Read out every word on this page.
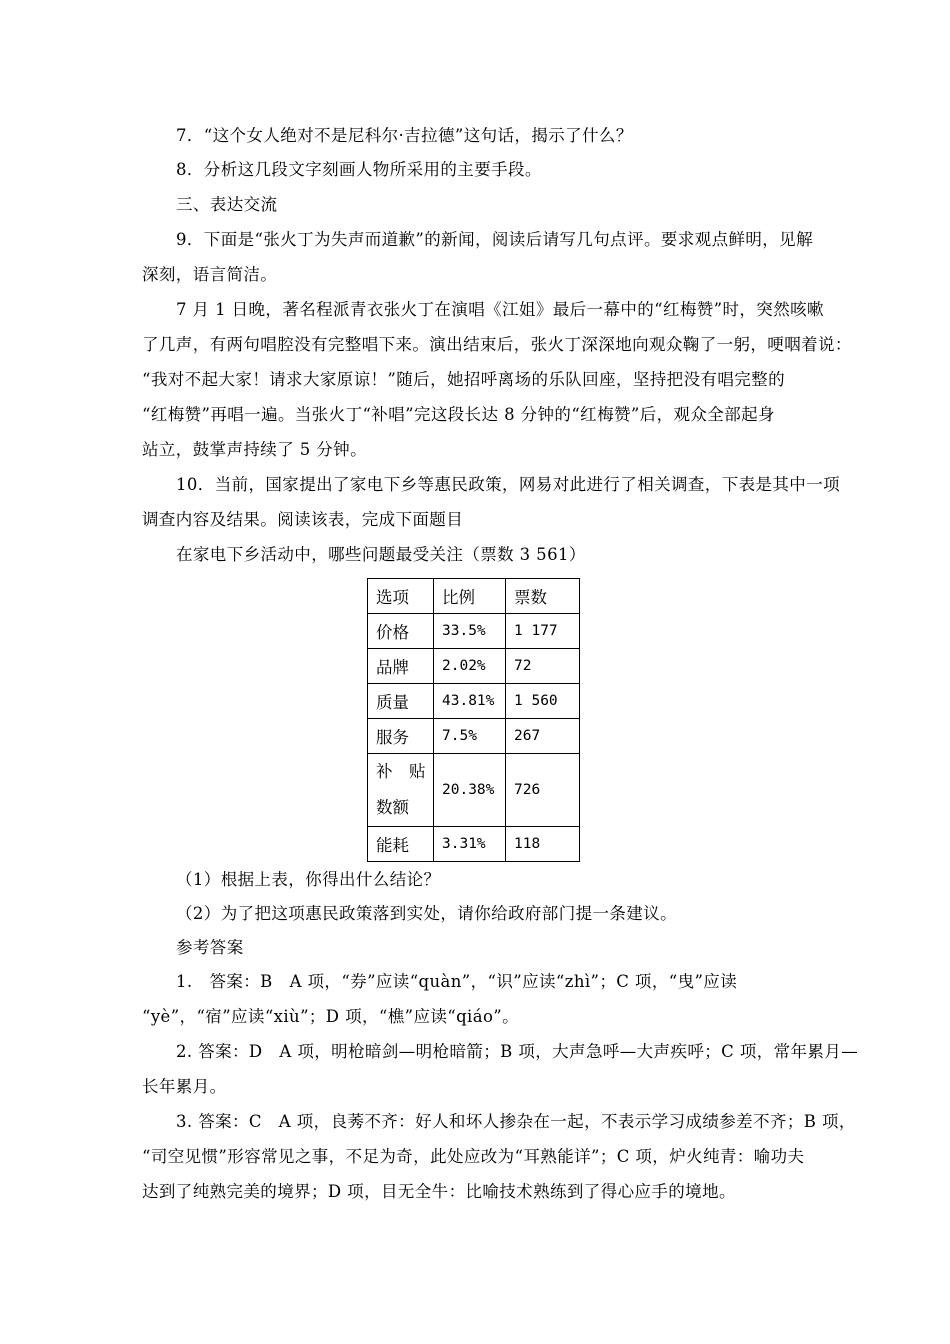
7．“这个女人绝对不是尼科尔·吉拉德”这句话，揭示了什么？
8．分析这几段文字刻画人物所采用的主要手段。
三、表达交流
9．下面是“张火丁为失声而道歉”的新闻，阅读后请写几句点评。要求观点鲜明，见解
深刻，语言简洁。
7 月 1 日晚，著名程派青衣张火丁在演唱《江姐》最后一幕中的“红梅赞”时，突然咳嗽
了几声，有两句唱腔没有完整唱下来。演出结束后，张火丁深深地向观众鞠了一躬，哽咽着说：
“我对不起大家！请求大家原谅！”随后，她招呼离场的乐队回座，坚持把没有唱完整的
“红梅赞”再唱一遍。当张火丁“补唱”完这段长达 8 分钟的“红梅赞”后，观众全部起身
站立，鼓掌声持续了 5 分钟。
10．当前，国家提出了家电下乡等惠民政策，网易对此进行了相关调查，下表是其中一项
调查内容及结果。阅读该表，完成下面题目
在家电下乡活动中，哪些问题最受关注（票数 3 561）
选项	比例	票数
价格	33.5%	1 177
品牌	2.02%	72
质量	43.81%	1 560
服务	7.5%	267

补　贴
数额	20.38%	726
能耗	3.31%	118
（1）根据上表，你得出什么结论？
（2）为了把这项惠民政策落到实处，请你给政府部门提一条建议。
参考答案
1.　答案：B　A 项，“券”应读“quàn”，“识”应读“zhì”；C 项，“曳”应读
“yè”，“宿”应读“xiù”；D 项，“樵”应读“qiáo”。
2. 答案：D　A 项，明枪暗剑—明枪暗箭；B 项，大声急呼—大声疾呼；C 项，常年累月—
长年累月。
3. 答案：C　A 项，良莠不齐：好人和坏人掺杂在一起，不表示学习成绩参差不齐；B 项，
“司空见惯”形容常见之事，不足为奇，此处应改为“耳熟能详”；C 项，炉火纯青：喻功夫
达到了纯熟完美的境界；D 项，目无全牛：比喻技术熟练到了得心应手的境地。
